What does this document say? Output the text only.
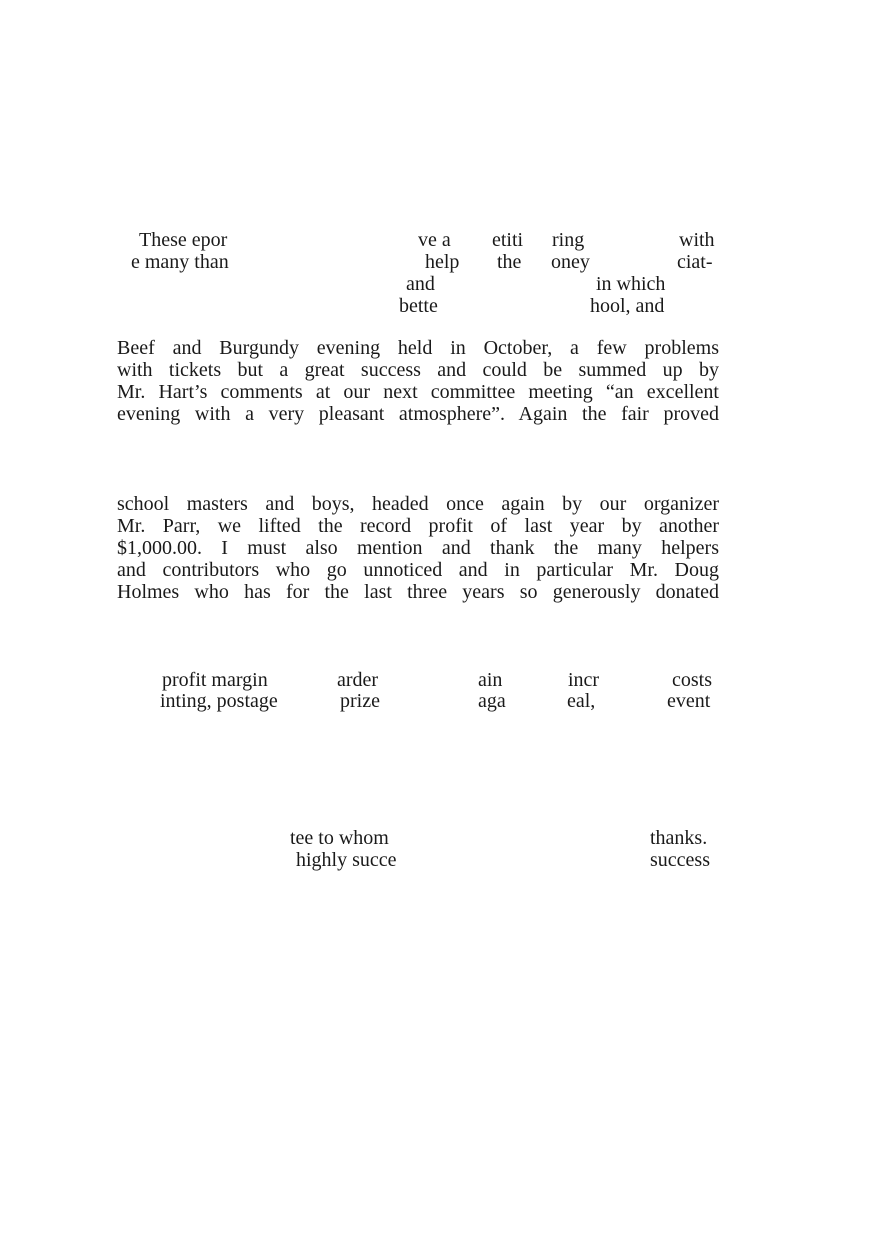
These epor	ve a etiti ring	with
e many than	help the oney	ciat-
and	in which
bette	hool, and
Beef and Burgundy evening held in October, a few problems
with tickets but a great success and could be summed up by
Mr. Hart’s comments at our next committee meeting “an excellent
evening with a very pleasant atmosphere”. Again the fair proved
school masters and boys, headed once again by our organizer
Mr. Parr, we lifted the record profit of last year by another
$1,000.00. I must also mention and thank the many helpers
and contributors who go unnoticed and in particular Mr. Doug
Holmes who has for the last three years so generously donated
profit margin	arder	ain	incr	costs
inting, postage	prize	aga	eal,	event
tee to whom	thanks.
highly succe	success
